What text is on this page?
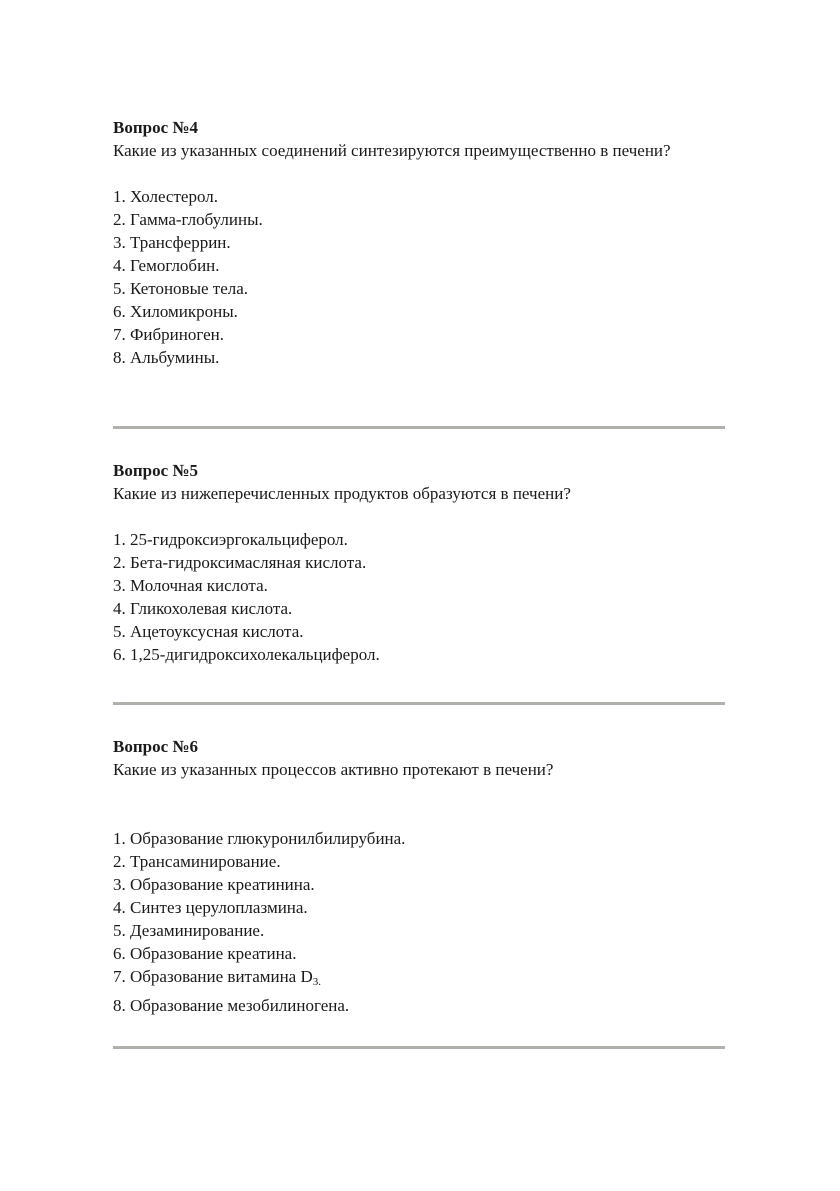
Вопрос №4

Какие из указанных соединений синтезируются преимущественно в печени?

1. Холестерол.
2. Гамма-глобулины.
3. Трансферрин.
4. Гемоглобин.
5. Кетоновые тела.
6. Хиломикроны.
7. Фибриноген.
8. Альбумины.

Вопрос №5

Какие из нижеперечисленных продуктов образуются в печени?

1. 25-гидроксиэргокальциферол.
2. Бета-гидроксимасляная кислота.
3. Молочная кислота.
4. Гликохолевая кислота.
5. Ацетоуксусная кислота.
6. 1,25-дигидроксихолекальциферол.

Вопрос №6

Какие из указанных процессов активно протекают в печени?

1. Образование глюкуронилбилирубина.
2. Трансаминирование.
3. Образование креатинина.
4. Синтез церулоплазмина.
5. Дезаминирование.
6. Образование креатина.
7. Образование витамина $D_{3.}$
8. Образование мезобилиногена.
